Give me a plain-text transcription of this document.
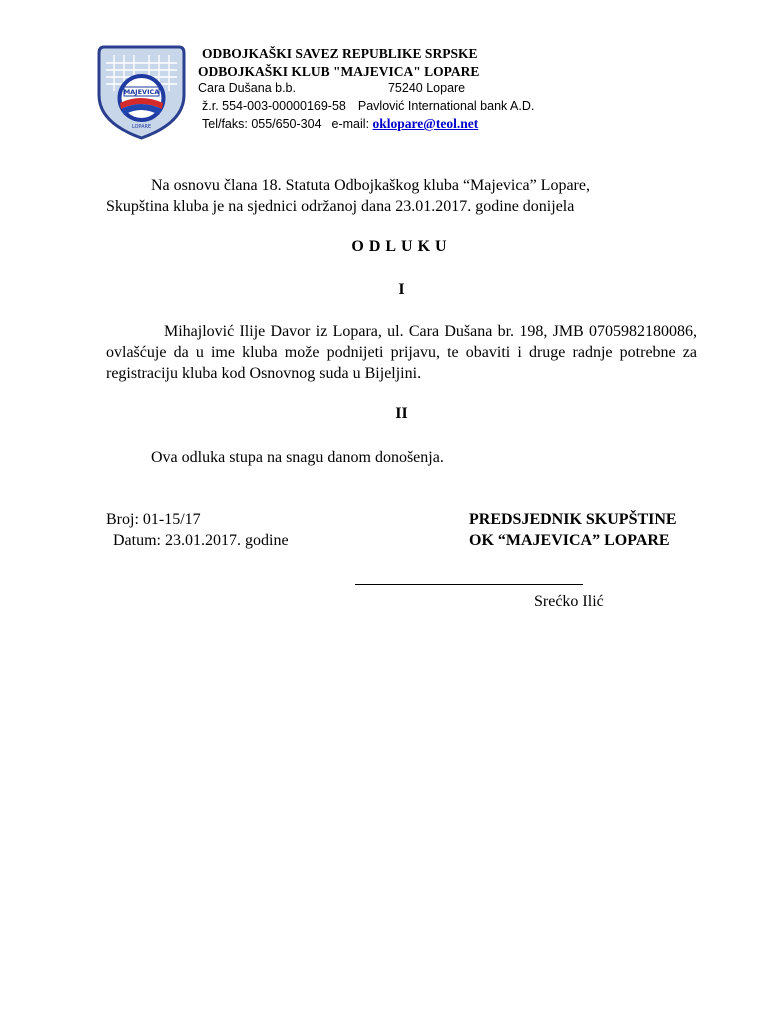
MAJEVICA
LOPARE
ODBOJKAŠKI SAVEZ REPUBLIKE SRPSKE
ODBOJKAŠKI KLUB "MAJEVICA" LOPARE
Cara Dušana b.b.	75240 Lopare
ž.r. 554-003-00000169-58 Pavlović International bank A.D.
Tel/faks: 055/650-304 e-mail: oklopare@teol.net
Na osnovu člana 18. Statuta Odbojkaškog kluba “Majevica” Lopare,
Skupština kluba je na sjednici održanoj dana 23.01.2017. godine donijela
ODLUKU
I
Mihajlović Ilije Davor iz Lopara, ul. Cara Dušana br. 198, JMB 0705982180086, ovlašćuje da u ime kluba može podnijeti prijavu, te obaviti i druge radnje potrebne za registraciju kluba kod Osnovnog suda u Bijeljini.
II
Ova odluka stupa na snagu danom donošenja.
Broj: 01-15/17
Datum: 23.01.2017. godine
PREDSJEDNIK SKUPŠTINE
OK “MAJEVICA” LOPARE
Srećko Ilić
